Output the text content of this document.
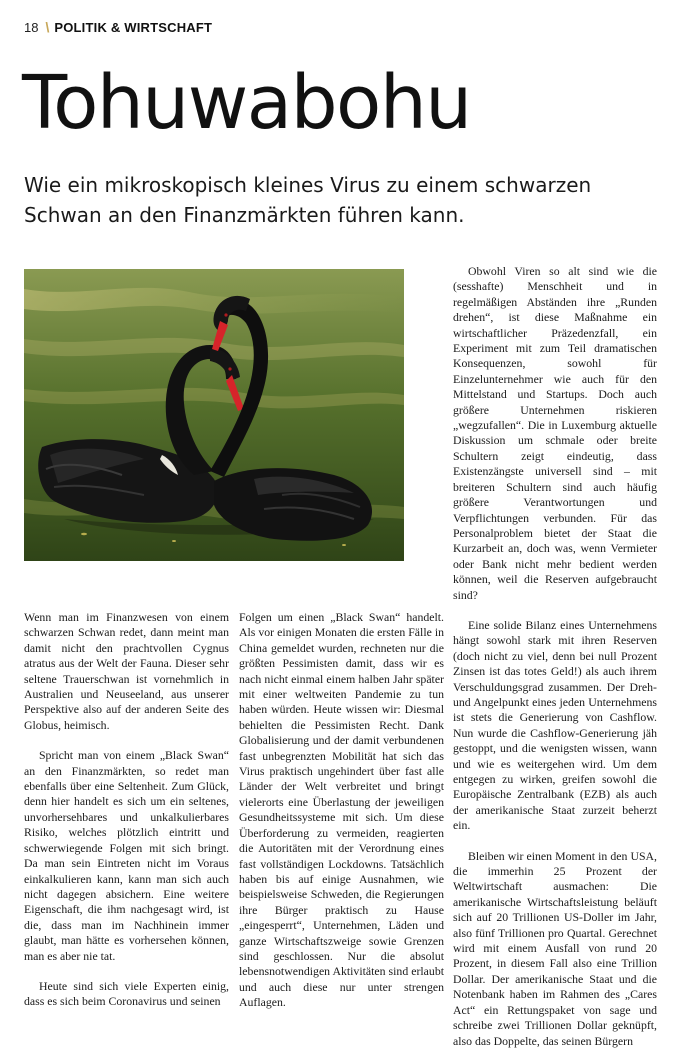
18 \ POLITIK & WIRTSCHAFT
Tohuwabohu
Wie ein mikroskopisch kleines Virus zu einem schwarzen Schwan an den Finanzmärkten führen kann.

Wenn man im Finanzwesen von einem schwarzen Schwan redet, dann meint man damit nicht den prachtvollen Cygnus atratus aus der Welt der Fauna. Dieser sehr seltene Trauerschwan ist vornehmlich in Australien und Neuseeland, aus unserer Perspektive also auf der anderen Seite des Globus, heimisch.

Spricht man von einem „Black Swan“ an den Finanzmärkten, so redet man ebenfalls über eine Seltenheit. Zum Glück, denn hier handelt es sich um ein seltenes, unvorhersehbares und unkalkulierbares Risiko, welches plötzlich eintritt und schwerwiegende Folgen mit sich bringt. Da man sein Eintreten nicht im Voraus einkalkulieren kann, kann man sich auch nicht dagegen absichern. Eine weitere Eigenschaft, die ihm nachgesagt wird, ist die, dass man im Nachhinein immer glaubt, man hätte es vorhersehen können, man es aber nie tat.

Heute sind sich viele Experten einig, dass es sich beim Coronavirus und seinen

Folgen um einen „Black Swan“ handelt. Als vor einigen Monaten die ersten Fälle in China gemeldet wurden, rechneten nur die größten Pessimisten damit, dass wir es nach nicht einmal einem halben Jahr später mit einer weltweiten Pandemie zu tun haben würden. Heute wissen wir: Diesmal behielten die Pessimisten Recht. Dank Globalisierung und der damit verbundenen fast unbegrenzten Mobilität hat sich das Virus praktisch ungehindert über fast alle Länder der Welt verbreitet und bringt vielerorts eine Überlastung der jeweiligen Gesundheitssysteme mit sich. Um diese Überforderung zu vermeiden, reagierten die Autoritäten mit der Verordnung eines fast vollständigen Lockdowns. Tatsächlich haben bis auf einige Ausnahmen, wie beispielsweise Schweden, die Regierungen ihre Bürger praktisch zu Hause „eingesperrt“, Unternehmen, Läden und ganze Wirtschaftszweige sowie Grenzen sind geschlossen. Nur die absolut lebensnotwendigen Aktivitäten sind erlaubt und auch diese nur unter strengen Auflagen.

Obwohl Viren so alt sind wie die (sesshafte) Menschheit und in regelmäßigen Abständen ihre „Runden drehen“, ist diese Maßnahme ein wirtschaftlicher Präzedenzfall, ein Experiment mit zum Teil dramatischen Konsequenzen, sowohl für Einzelunternehmer wie auch für den Mittelstand und Startups. Doch auch größere Unternehmen riskieren „wegzufallen“. Die in Luxemburg aktuelle Diskussion um schmale oder breite Schultern zeigt eindeutig, dass Existenzängste universell sind – mit breiteren Schultern sind auch häufig größere Verantwortungen und Verpflichtungen verbunden. Für das Personalproblem bietet der Staat die Kurzarbeit an, doch was, wenn Vermieter oder Bank nicht mehr bedient werden können, weil die Reserven aufgebraucht sind?

Eine solide Bilanz eines Unternehmens hängt sowohl stark mit ihren Reserven (doch nicht zu viel, denn bei null Prozent Zinsen ist das totes Geld!) als auch ihrem Verschuldungsgrad zusammen. Der Dreh- und Angelpunkt eines jeden Unternehmens ist stets die Generierung von Cashflow. Nun wurde die Cashflow-Generierung jäh gestoppt, und die wenigsten wissen, wann und wie es weitergehen wird. Um dem entgegen zu wirken, greifen sowohl die Europäische Zentralbank (EZB) als auch der amerikanische Staat zurzeit beherzt ein.

Bleiben wir einen Moment in den USA, die immerhin 25 Prozent der Weltwirtschaft ausmachen: Die amerikanische Wirtschaftsleistung beläuft sich auf 20 Trillionen US-Doller im Jahr, also fünf Trillionen pro Quartal. Gerechnet wird mit einem Ausfall von rund 20 Prozent, in diesem Fall also eine Trillion Dollar. Der amerikanische Staat und die Notenbank haben im Rahmen des „Cares Act“ ein Rettungspaket von sage und schreibe zwei Trillionen Dollar geknüpft, also das Doppelte, das seinen Bürgern
